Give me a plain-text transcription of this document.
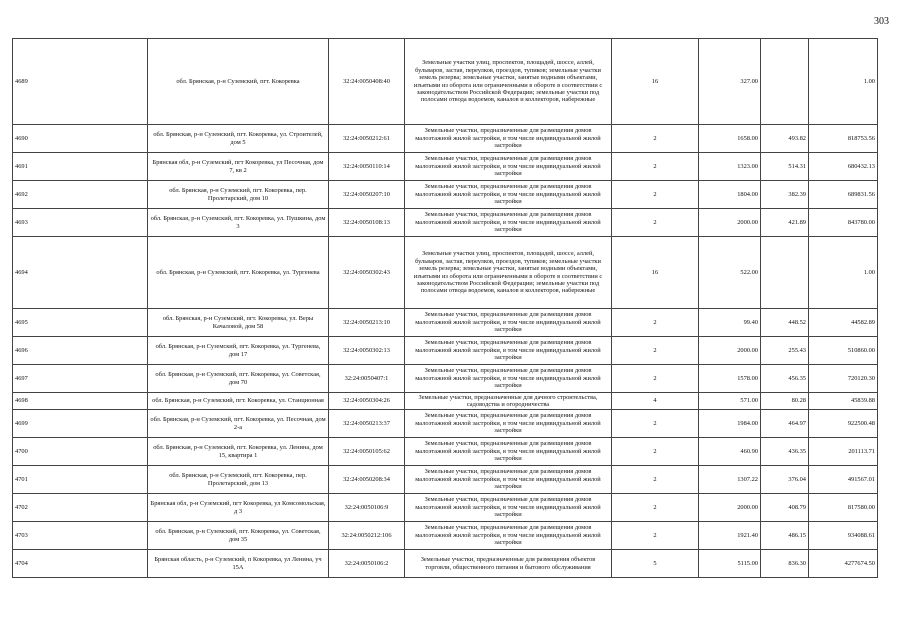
303
4689	обл. Брянская, р-н Суземский, пгт. Кокоревка	32:24:0050408:40	Земельные участки улиц, проспектов, площадей, шоссе, аллей, бульваров, застав, переулков, проездов, тупиков; земельные участки земель резерва; земельные участки, занятые водными объектами, изъятыми из оборота или ограниченными в обороте в соответствии с законодательством Российской Федерации; земельные участки под полосами отвода водоемов, каналов и коллекторов, набережные	16	327.00		1.00
4690	обл. Брянская, р-н Суземский, пгт. Кокоревка, ул. Строителей, дом 5	32:24:0050212:61	Земельные участки, предназначенные для размещения домов малоэтажной жилой застройки, в том числе индивидуальной жилой застройки	2	1658.00	493.82	818753.56
4691	Брянская обл, р-н Суземский, пгт Кокоревка, ул Песочная, дом 7, кв 2	32:24:0050110:14	Земельные участки, предназначенные для размещения домов малоэтажной жилой застройки, в том числе индивидуальной жилой застройки	2	1323.00	514.31	680432.13
4692	обл. Брянская, р-н Суземский, пгт. Кокоревка, пер. Пролетарский, дом 10	32:24:0050207:10	Земельные участки, предназначенные для размещения домов малоэтажной жилой застройки, в том числе индивидуальной жилой застройки	2	1804.00	382.39	689831.56
4693	обл. Брянская, р-н Суземский, пгт. Кокоревка, ул. Пушкина, дом 3	32:24:0050108:13	Земельные участки, предназначенные для размещения домов малоэтажной жилой застройки, в том числе индивидуальной жилой застройки	2	2000.00	421.89	843780.00
4694	обл. Брянская, р-н Суземский, пгт. Кокоревка, ул. Тургенева	32:24:0050302:43	Земельные участки улиц, проспектов, площадей, шоссе, аллей, бульваров, застав, переулков, проездов, тупиков; земельные участки земель резерва; земельные участки, занятые водными объектами, изъятыми из оборота или ограниченными в обороте в соответствии с законодательством Российской Федерации; земельные участки под полосами отвода водоемов, каналов и коллекторов, набережные	16	522.00		1.00
4695	обл. Брянская, р-н Суземский, пгт. Кокоревка, ул. Веры Качаловой, дом 58	32:24:0050213:10	Земельные участки, предназначенные для размещения домов малоэтажной жилой застройки, в том числе индивидуальной жилой застройки	2	99.40	448.52	44582.89
4696	обл. Брянская, р-н Суземский, пгт. Кокоревка, ул. Тургенева, дом 17	32:24:0050302:13	Земельные участки, предназначенные для размещения домов малоэтажной жилой застройки, в том числе индивидуальной жилой застройки	2	2000.00	255.43	510860.00
4697	обл. Брянская, р-н Суземский, пгт. Кокоревка, ул. Советская, дом 70	32:24:0050407:1	Земельные участки, предназначенные для размещения домов малоэтажной жилой застройки, в том числе индивидуальной жилой застройки	2	1578.00	456.35	720120.30
4698	обл. Брянская, р-н Суземский, пгт. Кокоревка, ул. Станционная	32:24:0050304:26	Земельные участки, предназначенные для дачного строительства, садоводства и огородничества	4	571.00	80.28	45839.88
4699	обл. Брянская, р-н Суземский, пгт. Кокоревка, ул. Песочная, дом 2-а	32:24:0050213:37	Земельные участки, предназначенные для размещения домов малоэтажной жилой застройки, в том числе индивидуальной жилой застройки	2	1984.00	464.97	922500.48
4700	обл. Брянская, р-н Суземский, пгт. Кокоревка, ул. Ленина, дом 15, квартира 1	32:24:0050105:62	Земельные участки, предназначенные для размещения домов малоэтажной жилой застройки, в том числе индивидуальной жилой застройки	2	460.90	436.35	201113.71
4701	обл. Брянская, р-н Суземский, пгт. Кокоревка, пер. Пролетарский, дом 13	32:24:0050208:34	Земельные участки, предназначенные для размещения домов малоэтажной жилой застройки, в том числе индивидуальной жилой застройки	2	1307.22	376.04	491567.01
4702	Брянская обл, р-н Суземский, пгт Кокоревка, ул Комсомольская, д 3	32:24:0050106:9	Земельные участки, предназначенные для размещения домов малоэтажной жилой застройки, в том числе индивидуальной жилой застройки	2	2000.00	408.79	817580.00
4703	обл. Брянская, р-н Суземский, пгт. Кокоревка, ул. Советская, дом 35	32:24:0050212:106	Земельные участки, предназначенные для размещения домов малоэтажной жилой застройки, в том числе индивидуальной жилой застройки	2	1921.40	486.15	934088.61
4704	Брянская область, р-н Суземский, п Кокоревка, ул Ленина, уч 15А	32:24:0050106:2	Земельные участки, предназначенные для размещения объектов торговли, общественного питания и бытового обслуживания	5	5115.00	836.30	4277674.50
